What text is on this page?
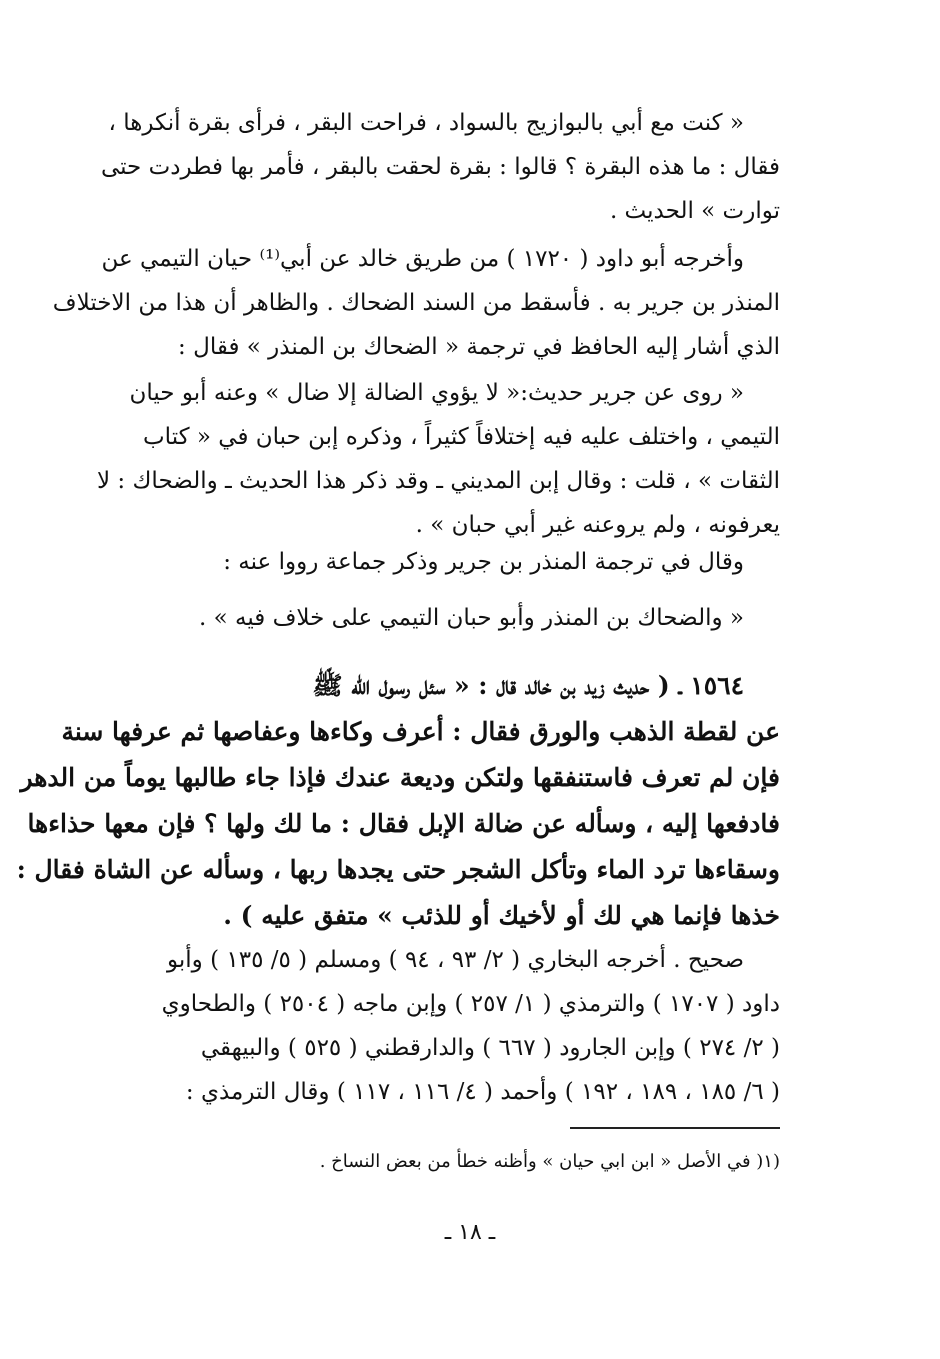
« كنت مع أبي بالبوازيج بالسواد ، فراحت البقر ، فرأى بقرة أنكرها ،
فقال : ما هذه البقرة ؟ قالوا : بقرة لحقت بالبقر ، فأمر بها فطردت حتى
توارت » الحديث .
وأخرجه أبو داود ( ١٧٢٠ ) من طريق خالد عن أبي⁽¹⁾ حيان التيمي عن
المنذر بن جرير به . فأسقط من السند الضحاك . والظاهر أن هذا من الاختلاف
الذي أشار إليه الحافظ في ترجمة « الضحاك بن المنذر » فقال :
« روى عن جرير حديث:« لا يؤوي الضالة إلا ضال » وعنه أبو حيان
التيمي ، واختلف عليه فيه إختلافاً كثيراً ، وذكره إبن حبان في « كتاب
الثقات » ، قلت : وقال إبن المديني ـ وقد ذكر هذا الحديث ـ والضحاك : لا
يعرفونه ، ولم يروعنه غير أبي حبان » .
وقال في ترجمة المنذر بن جرير وذكر جماعة رووا عنه :
« والضحاك بن المنذر وأبو حبان التيمي على خلاف فيه » .
١٥٦٤ ـ ( حديث زيد بن خالد قال : « سئل رسول الله ﷺ
عن لقطة الذهب والورق فقال : أعرف وكاءها وعفاصها ثم عرفها سنة
فإن لم تعرف فاستنفقها ولتكن وديعة عندك فإذا جاء طالبها يوماً من الدهر
فادفعها إليه ، وسأله عن ضالة الإبل فقال : ما لك ولها ؟ فإن معها حذاءها
وسقاءها ترد الماء وتأكل الشجر حتى يجدها ربها ، وسأله عن الشاة فقال :
خذها فإنما هي لك أو لأخيك أو للذئب » متفق عليه ) .
صحيح . أخرجه البخاري ( ٢/ ٩٣ ، ٩٤ ) ومسلم ( ٥/ ١٣٥ ) وأبو
داود ( ١٧٠٧ ) والترمذي ( ١/ ٢٥٧ ) وإبن ماجه ( ٢٥٠٤ ) والطحاوي
( ٢/ ٢٧٤ ) وإبن الجارود ( ٦٦٧ ) والدارقطني ( ٥٢٥ ) والبيهقي
( ٦/ ١٨٥ ، ١٨٩ ، ١٩٢ ) وأحمد ( ٤/ ١١٦ ، ١١٧ ) وقال الترمذي :
(١( في الأصل « ابن ابي حيان » وأظنه خطأ من بعض النساخ .
ـ ١٨ ـ
